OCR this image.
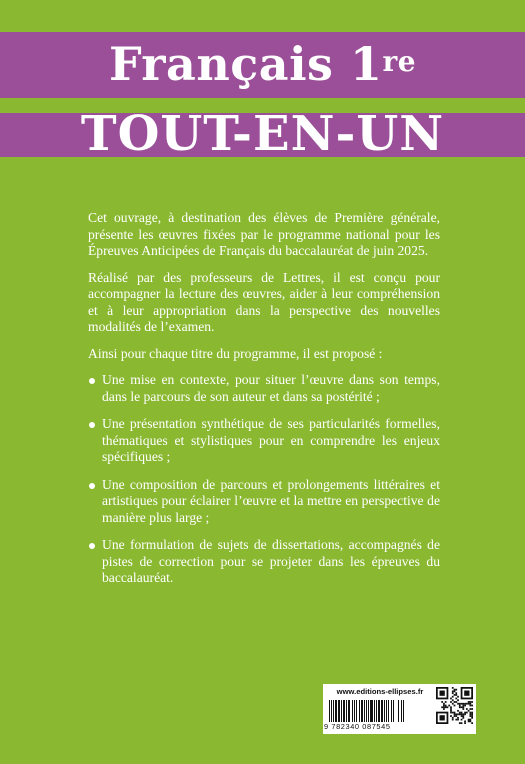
Français 1re
TOUT-EN-UN

Cet ouvrage, à destination des élèves de Première générale, présente les œuvres fixées par le programme national pour les Épreuves Anticipées de Français du baccalauréat de juin 2025.

Réalisé par des professeurs de Lettres, il est conçu pour accompagner la lecture des œuvres, aider à leur compréhension et à leur appropriation dans la perspective des nouvelles modalités de l’examen.

Ainsi pour chaque titre du programme, il est proposé :

Une mise en contexte, pour situer l’œuvre dans son temps, dans le parcours de son auteur et dans sa postérité ;
Une présentation synthétique de ses particularités formelles, thématiques et stylistiques pour en comprendre les enjeux spécifiques ;
Une composition de parcours et prolongements littéraires et artistiques pour éclairer l’œuvre et la mettre en perspective de manière plus large ;
Une formulation de sujets de dissertations, accompagnés de pistes de correction pour se projeter dans les épreuves du baccalauréat.
www.editions-ellipses.fr
9 782340 087545
